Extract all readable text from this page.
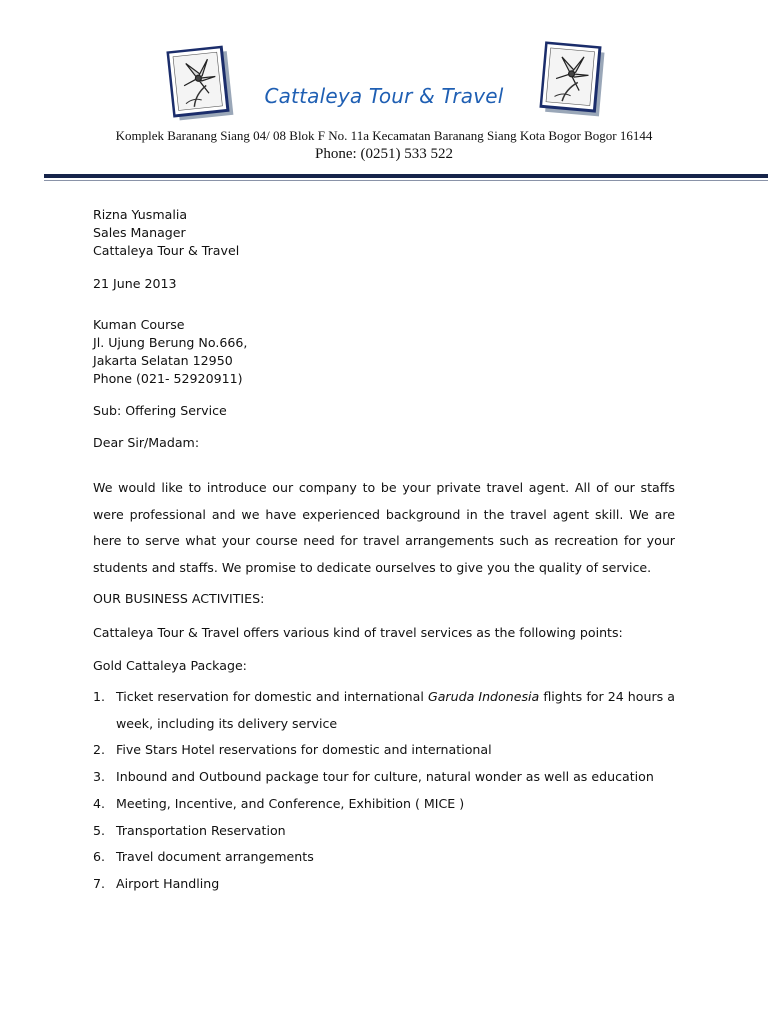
Cattaleya Tour & Travel
Komplek Baranang Siang 04/ 08 Blok F No. 11a Kecamatan Baranang Siang Kota Bogor Bogor 16144
Phone: (0251) 533 522
Rizna Yusmalia
Sales Manager
Cattaleya Tour & Travel
21 June 2013
Kuman Course
Jl. Ujung Berung No.666,
Jakarta Selatan 12950
Phone (021- 52920911)
Sub: Offering Service
Dear Sir/Madam:
We would like to introduce our company to be your private travel agent. All of our staffs were professional and we have experienced background in the travel agent skill. We are here to serve what your course need for travel arrangements such as recreation for your students and staffs. We promise to dedicate ourselves to give you the quality of service.
OUR BUSINESS ACTIVITIES:
Cattaleya Tour & Travel offers various kind of travel services as the following points:
Gold Cattaleya Package:
1. Ticket reservation for domestic and international Garuda Indonesia flights for 24 hours a week, including its delivery service
2. Five Stars Hotel reservations for domestic and international
3. Inbound and Outbound package tour for culture, natural wonder as well as education
4. Meeting, Incentive, and Conference, Exhibition ( MICE )
5. Transportation Reservation
6. Travel document arrangements
7. Airport Handling
